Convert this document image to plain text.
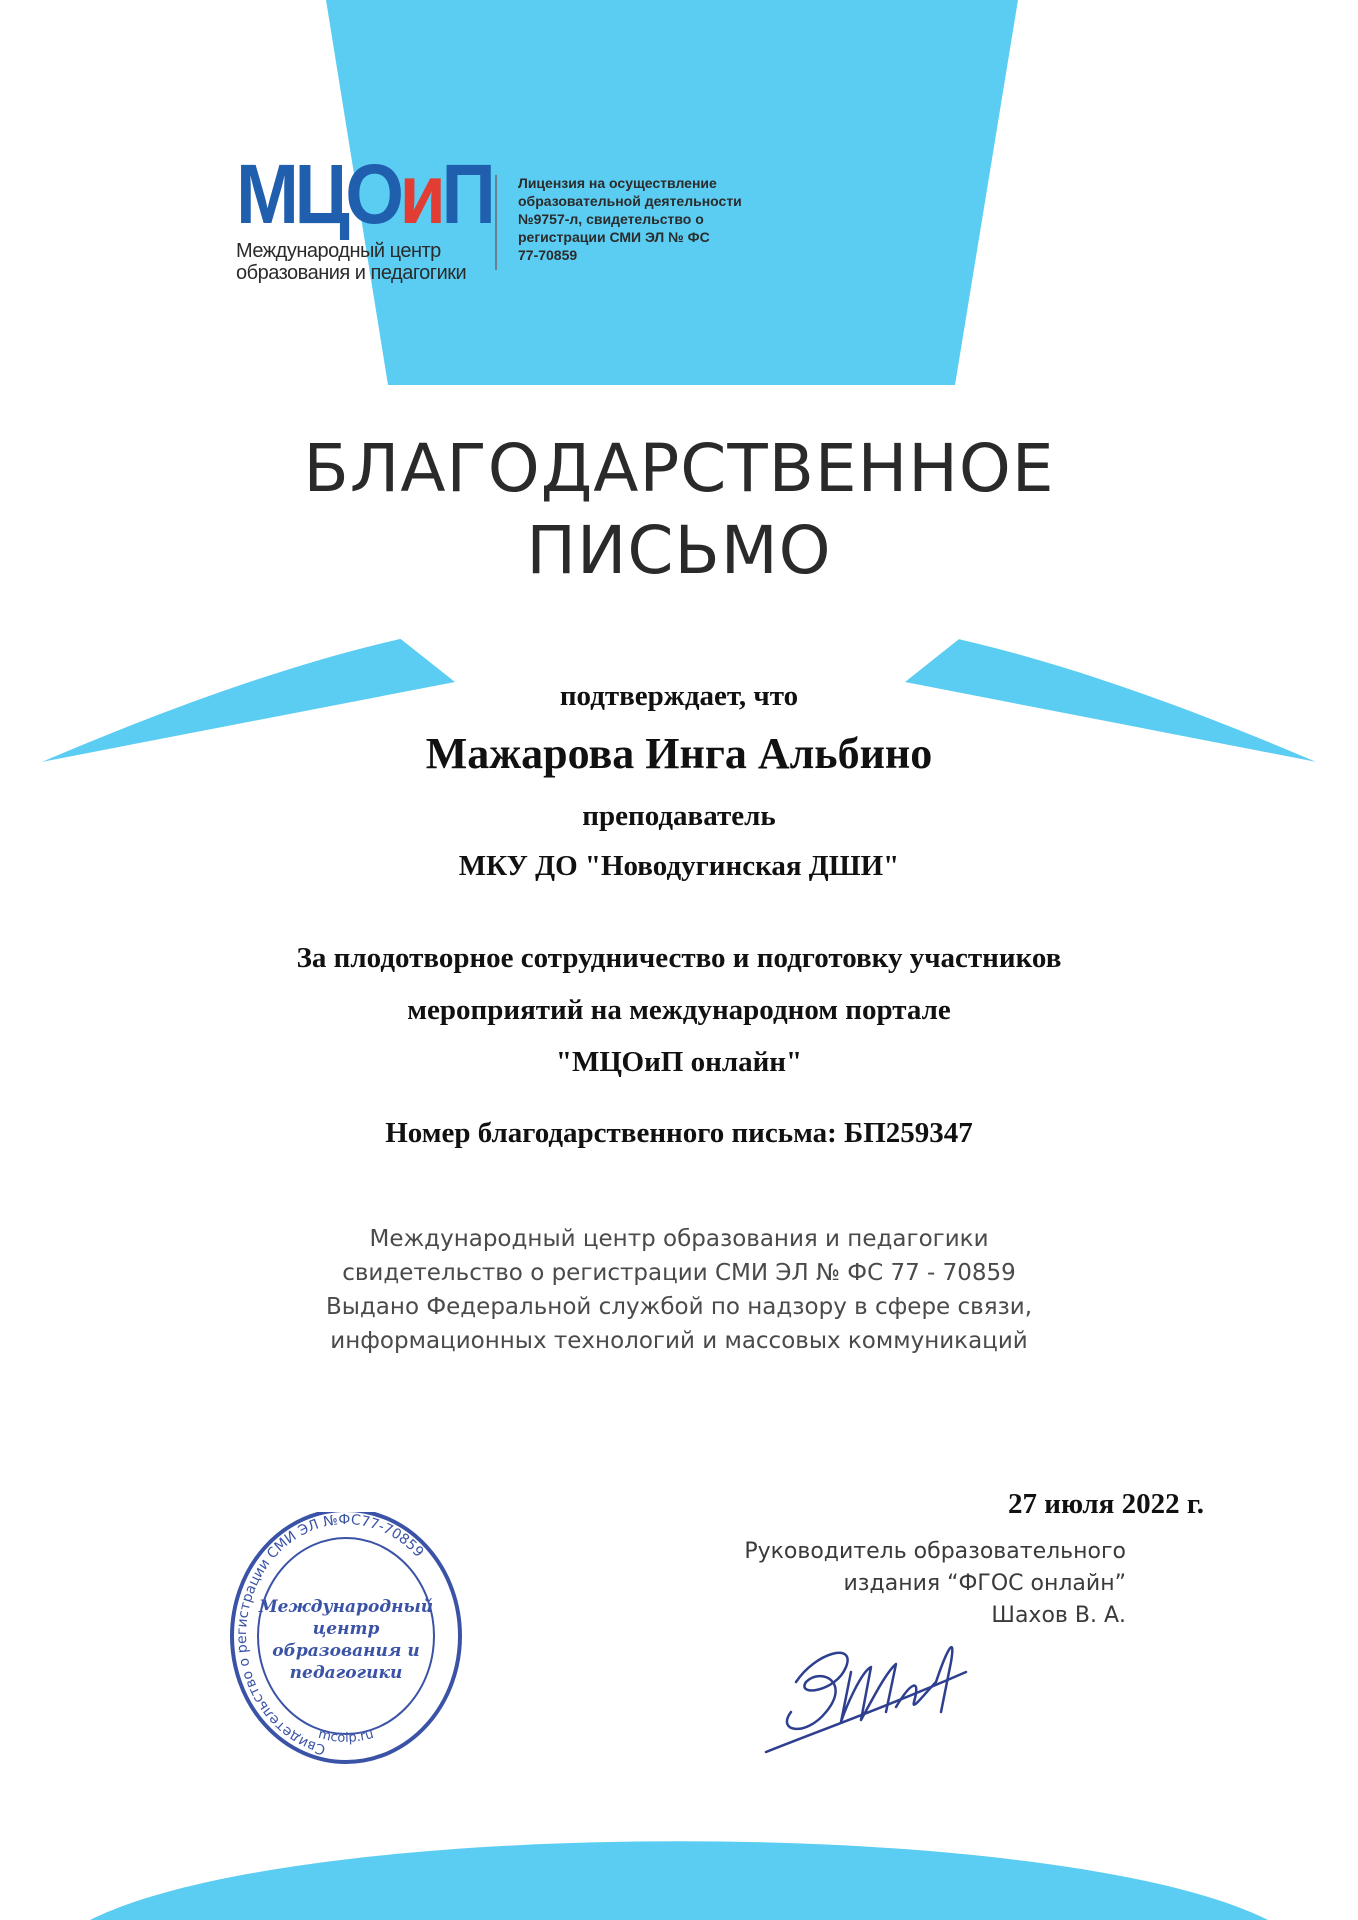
МЦОиП
Международный центр
образования и педагогики
Лицензия на осуществление
образовательной деятельности
№9757-л, свидетельство о
регистрации СМИ ЭЛ № ФС
77-70859
БЛАГОДАРСТВЕННОЕ
ПИСЬМО
подтверждает, что
Мажарова Инга Альбино
преподаватель
МКУ ДО "Новодугинская ДШИ"
За плодотворное сотрудничество и подготовку участников
мероприятий на международном портале
"МЦОиП онлайн"
Номер благодарственного письма: БП259347
Международный центр образования и педагогики
свидетельство о регистрации СМИ ЭЛ № ФС 77 - 70859
Выдано Федеральной службой по надзору в сфере связи,
информационных технологий и массовых коммуникаций
27 июля 2022 г.
Руководитель образовательного
издания “ФГОС онлайн”
Шахов В. А.
Свидетельство о регистрации СМИ ЭЛ №ФС77-70859
mcoip.ru
Международный
центр
образования и
педагогики
